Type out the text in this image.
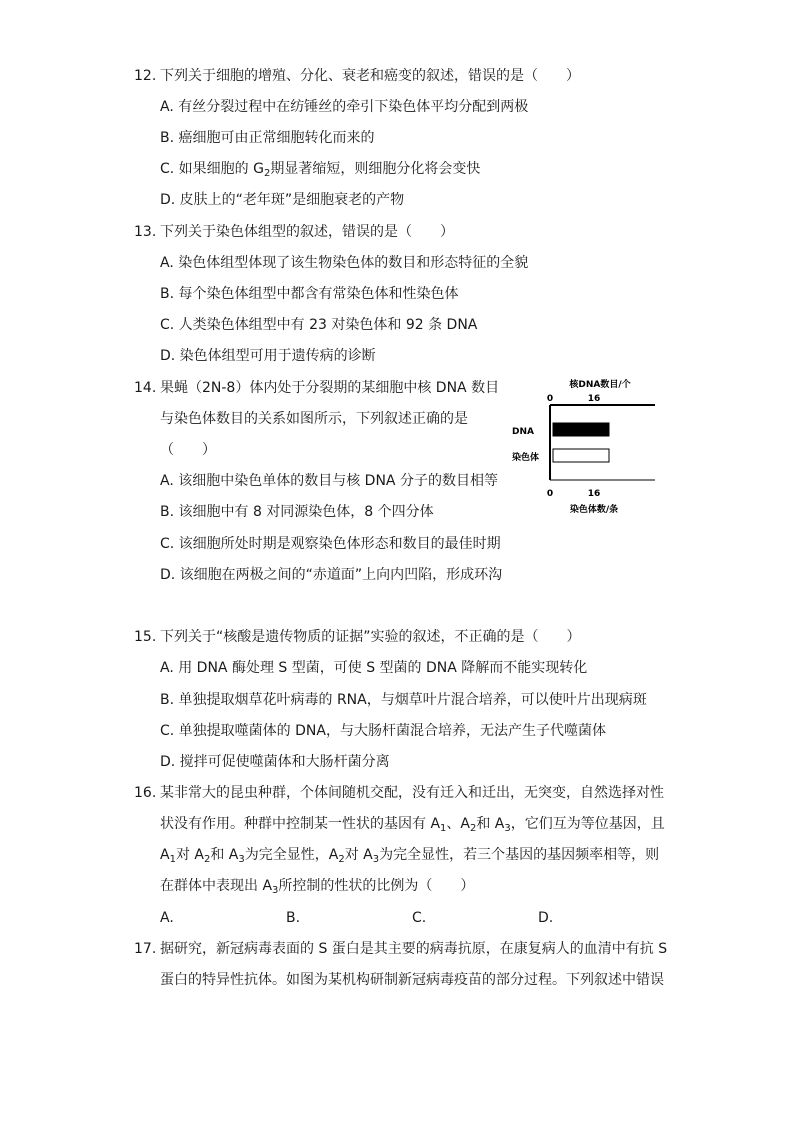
12. 下列关于细胞的增殖、分化、衰老和癌变的叙述，错误的是（　　）
A. 有丝分裂过程中在纺锤丝的牵引下染色体平均分配到两极
B. 癌细胞可由正常细胞转化而来的
C. 如果细胞的 $G_2$期显著缩短，则细胞分化将会变快
D. 皮肤上的“老年斑”是细胞衰老的产物
13. 下列关于染色体组型的叙述，错误的是（　　）
A. 染色体组型体现了该生物染色体的数目和形态特征的全貌
B. 每个染色体组型中都含有常染色体和性染色体
C. 人类染色体组型中有 23 对染色体和 92 条 DNA
D. 染色体组型可用于遗传病的诊断
14. 果蝇（2N-8）体内处于分裂期的某细胞中核 DNA 数目
与染色体数目的关系如图所示，下列叙述正确的是
（　　）
A. 该细胞中染色单体的数目与核 DNA 分子的数目相等
B. 该细胞中有 8 对同源染色体，8 个四分体
C. 该细胞所处时期是观察染色体形态和数目的最佳时期
D. 该细胞在两极之间的“赤道面”上向内凹陷，形成环沟
核DNA数目/个
0	16
DNA
染色体
0	16
染色体数/条
15. 下列关于“核酸是遗传物质的证据”实验的叙述，不正确的是（　　）
A. 用 DNA 酶处理 S 型菌，可使 S 型菌的 DNA 降解而不能实现转化
B. 单独提取烟草花叶病毒的 RNA，与烟草叶片混合培养，可以使叶片出现病斑
C. 单独提取噬菌体的 DNA，与大肠杆菌混合培养，无法产生子代噬菌体
D. 搅拌可促使噬菌体和大肠杆菌分离
16. 某非常大的昆虫种群，个体间随机交配，没有迁入和迁出，无突变，自然选择对性
状没有作用。种群中控制某一性状的基因有 $A_1$、$A_2$和 $A_3$，它们互为等位基因，且
$A_1$对 $A_2$和 $A_3$为完全显性，$A_2$对 $A_3$为完全显性，若三个基因的基因频率相等，则
在群体中表现出 $A_3$所控制的性状的比例为（　　）
A.	B.	C.	D.
17. 据研究，新冠病毒表面的 S 蛋白是其主要的病毒抗原，在康复病人的血清中有抗 S
蛋白的特异性抗体。如图为某机构研制新冠病毒疫苗的部分过程。下列叙述中错误
